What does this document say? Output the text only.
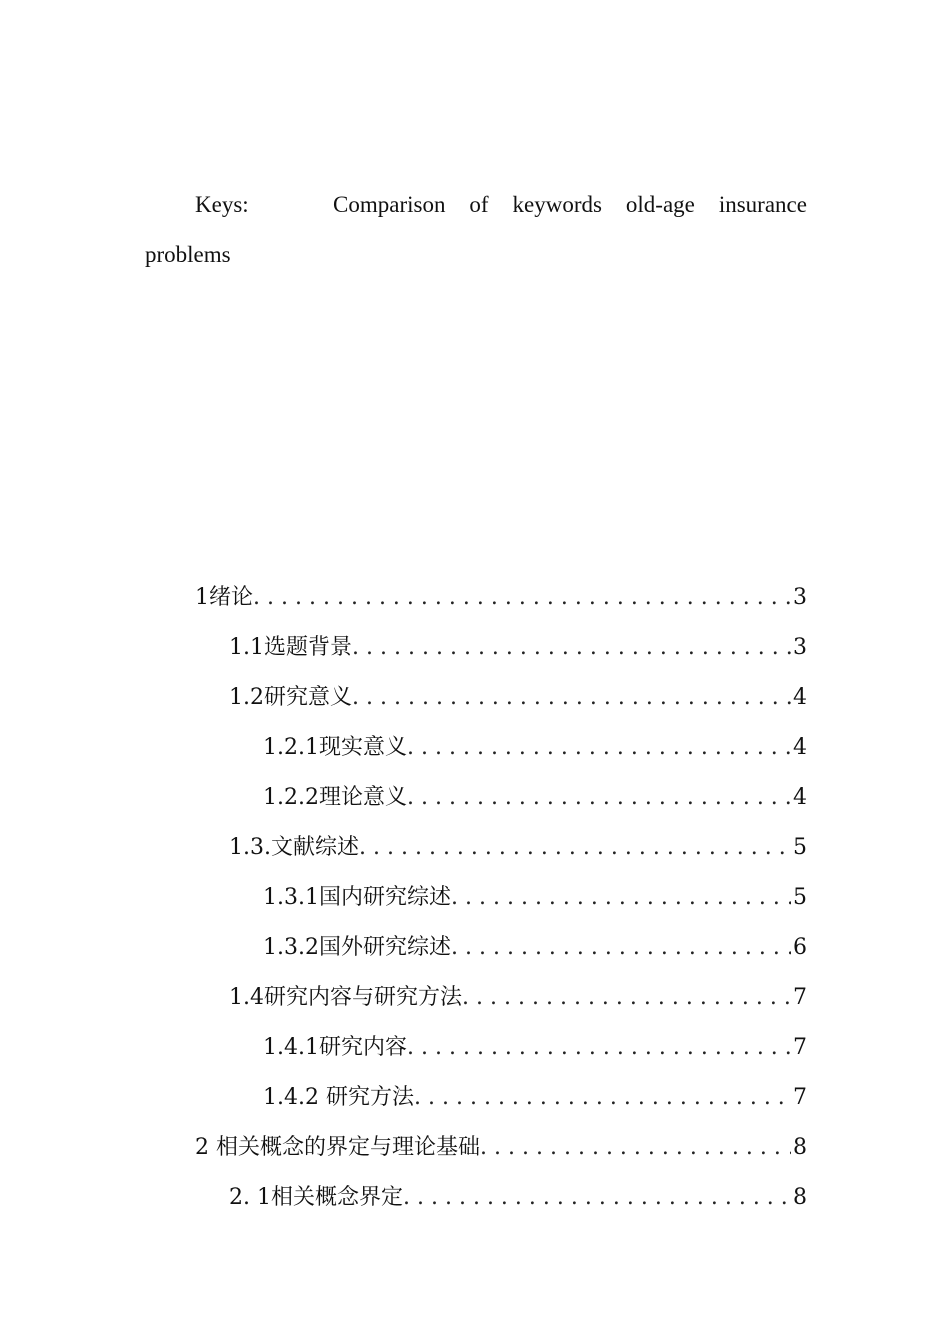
Keys:	Comparison of keywords old-age insurance
problems
1绪论 .....	3
1.1选题背景 .....	3
1.2研究意义 .....	4
1.2.1现实意义 .....	4
1.2.2理论意义 .....	4
1.3.文献综述 .....	5
1.3.1国内研究综述 .....	5
1.3.2国外研究综述 .....	6
1.4研究内容与研究方法 .....	7
1.4.1研究内容 .....	7
1.4.2 研究方法 .....	7
2 相关概念的界定与理论基础 .....	8
2. 1相关概念界定 .....	8
